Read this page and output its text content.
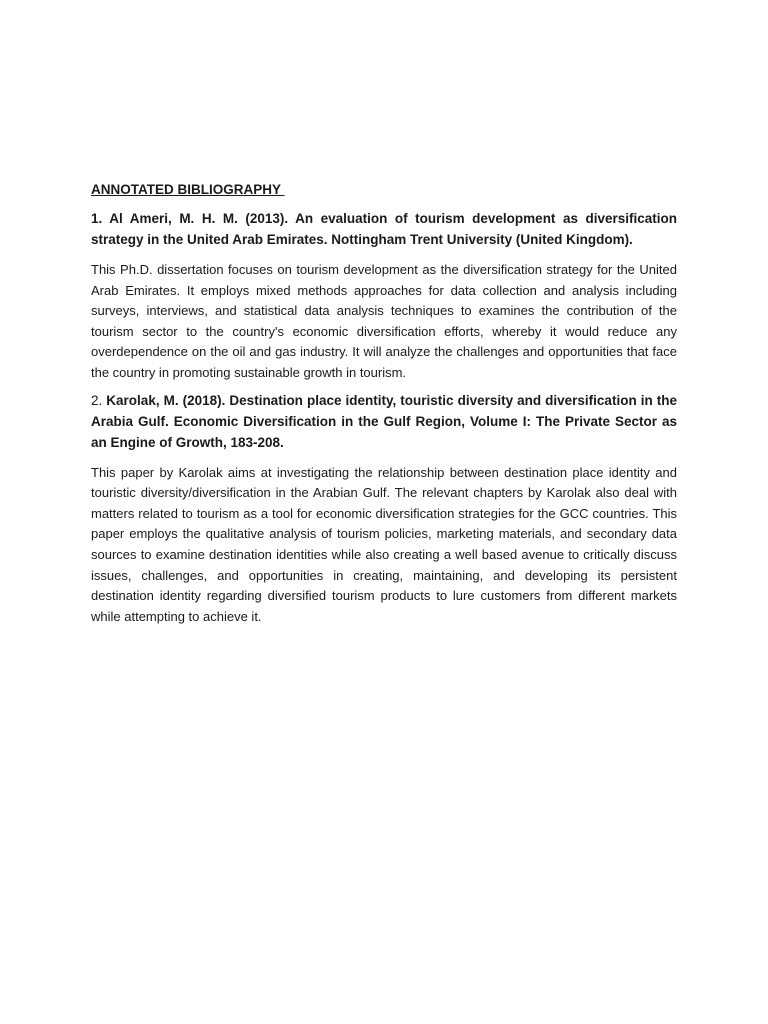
ANNOTATED BIBLIOGRAPHY

1. Al Ameri, M. H. M. (2013). An evaluation of tourism development as diversification strategy in the United Arab Emirates. Nottingham Trent University (United Kingdom).

This Ph.D. dissertation focuses on tourism development as the diversification strategy for the United Arab Emirates. It employs mixed methods approaches for data collection and analysis including surveys, interviews, and statistical data analysis techniques to examines the contribution of the tourism sector to the country's economic diversification efforts, whereby it would reduce any overdependence on the oil and gas industry. It will analyze the challenges and opportunities that face the country in promoting sustainable growth in tourism.

2. Karolak, M. (2018). Destination place identity, touristic diversity and diversification in the Arabia Gulf. Economic Diversification in the Gulf Region, Volume I: The Private Sector as an Engine of Growth, 183-208.

This paper by Karolak aims at investigating the relationship between destination place identity and touristic diversity/diversification in the Arabian Gulf. The relevant chapters by Karolak also deal with matters related to tourism as a tool for economic diversification strategies for the GCC countries. This paper employs the qualitative analysis of tourism policies, marketing materials, and secondary data sources to examine destination identities while also creating a well based avenue to critically discuss issues, challenges, and opportunities in creating, maintaining, and developing its persistent destination identity regarding diversified tourism products to lure customers from different markets while attempting to achieve it.
